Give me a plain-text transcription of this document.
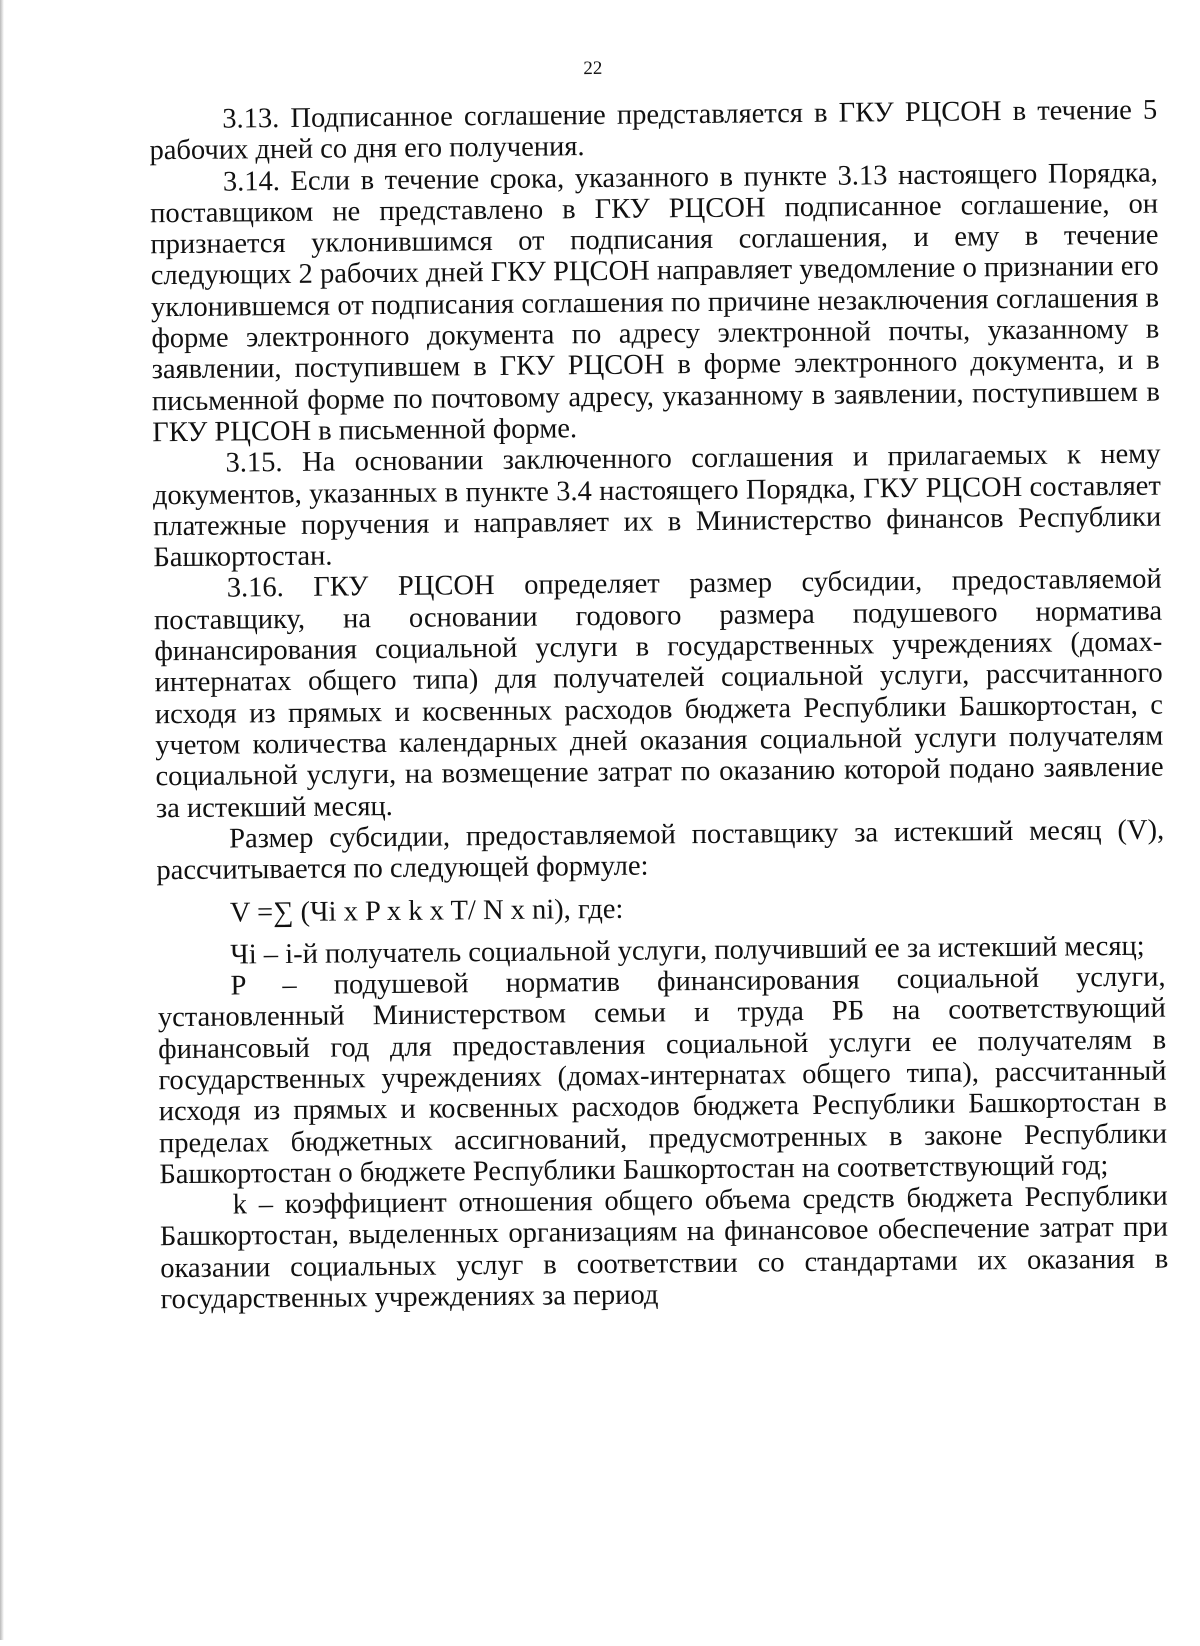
22

3.13. Подписанное соглашение представляется в ГКУ РЦСОН в течение 5 рабочих дней со дня его получения.

3.14. Если в течение срока, указанного в пункте 3.13 настоящего Порядка, поставщиком не представлено в ГКУ РЦСОН подписанное соглашение, он признается уклонившимся от подписания соглашения, и ему в течение следующих 2 рабочих дней ГКУ РЦСОН направляет уведомление о признании его уклонившемся от подписания соглашения по причине незаключения соглашения в форме электронного документа по адресу электронной почты, указанному в заявлении, поступившем в ГКУ РЦСОН в форме электронного документа, и в письменной форме по почтовому адресу, указанному в заявлении, поступившем в ГКУ РЦСОН в письменной форме.

3.15. На основании заключенного соглашения и прилагаемых к нему документов, указанных в пункте 3.4 настоящего Порядка, ГКУ РЦСОН составляет платежные поручения и направляет их в Министерство финансов Республики Башкортостан.

3.16. ГКУ РЦСОН определяет размер субсидии, предоставляемой поставщику, на основании годового размера подушевого норматива финансирования социальной услуги в государственных учреждениях (домах-интернатах общего типа) для получателей социальной услуги, рассчитанного исходя из прямых и косвенных расходов бюджета Республики Башкортостан, с учетом количества календарных дней оказания социальной услуги получателям социальной услуги, на возмещение затрат по оказанию которой подано заявление за истекший месяц.

Размер субсидии, предоставляемой поставщику за истекший месяц (V), рассчитывается по следующей формуле:

V =∑ (Чi x P x k x T/ N x ni), где:

Чi – i-й получатель социальной услуги, получивший ее за истекший месяц;

P – подушевой норматив финансирования социальной услуги, установленный Министерством семьи и труда РБ на соответствующий финансовый год для предоставления социальной услуги ее получателям в государственных учреждениях (домах-интернатах общего типа), рассчитанный исходя из прямых и косвенных расходов бюджета Республики Башкортостан в пределах бюджетных ассигнований, предусмотренных в законе Республики Башкортостан о бюджете Республики Башкортостан на соответствующий год;

k – коэффициент отношения общего объема средств бюджета Республики Башкортостан, выделенных организациям на финансовое обеспечение затрат при оказании социальных услуг в соответствии со стандартами их оказания в государственных учреждениях за период
